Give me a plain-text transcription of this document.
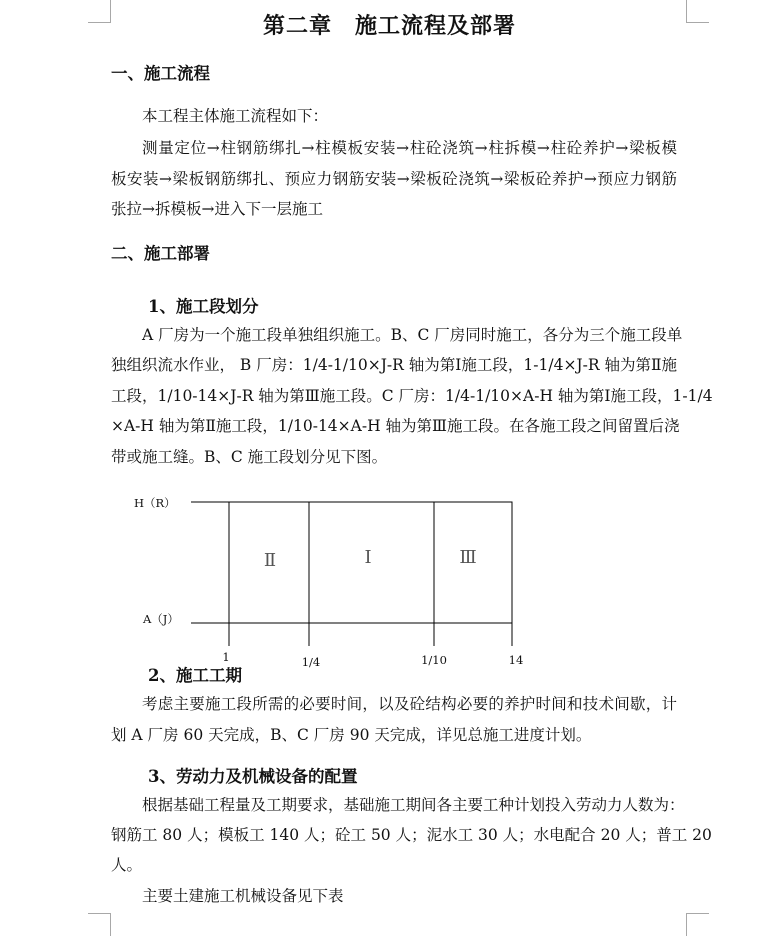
第二章　施工流程及部署
一、施工流程
本工程主体施工流程如下：
测量定位→柱钢筋绑扎→柱模板安装→柱砼浇筑→柱拆模→柱砼养护→梁板模
板安装→梁板钢筋绑扎、预应力钢筋安装→梁板砼浇筑→梁板砼养护→预应力钢筋
张拉→拆模板→进入下一层施工
二、施工部署
1、施工段划分
A 厂房为一个施工段单独组织施工。B、C 厂房同时施工，各分为三个施工段单
独组织流水作业， B 厂房：1/4-1/10×J-R 轴为第Ⅰ施工段，1-1/4×J-R 轴为第Ⅱ施
工段，1/10-14×J-R 轴为第Ⅲ施工段。C 厂房：1/4-1/10×A-H 轴为第Ⅰ施工段，1-1/4
×A-H 轴为第Ⅱ施工段，1/10-14×A-H 轴为第Ⅲ施工段。在各施工段之间留置后浇
带或施工缝。B、C 施工段划分见下图。
H（R）
A（J）
Ⅱ	Ⅰ	Ⅲ
1	1/4	1/10	14
2、施工工期
考虑主要施工段所需的必要时间，以及砼结构必要的养护时间和技术间歇，计
划 A 厂房 60 天完成，B、C 厂房 90 天完成，详见总施工进度计划。
3、劳动力及机械设备的配置
根据基础工程量及工期要求，基础施工期间各主要工种计划投入劳动力人数为：
钢筋工 80 人；模板工 140 人；砼工 50 人；泥水工 30 人；水电配合 20 人；普工 20
人。
主要土建施工机械设备见下表
